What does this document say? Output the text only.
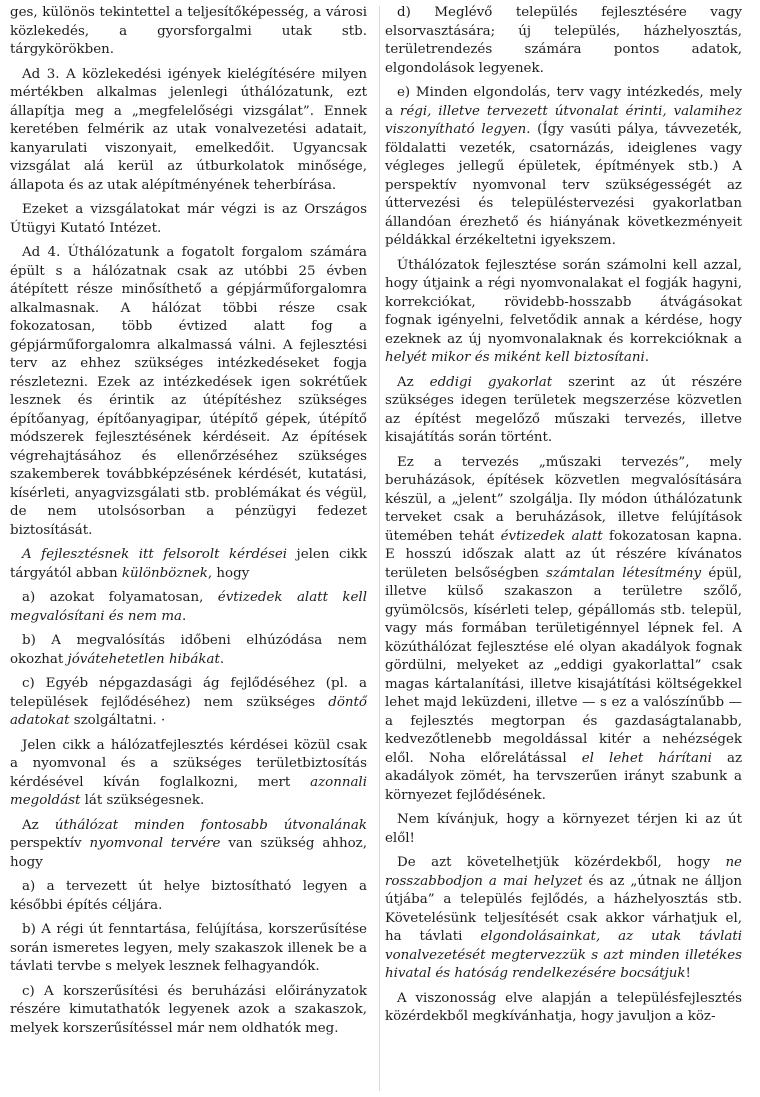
ges, különös tekintettel a teljesítőképesség, a városi közlekedés, a gyorsforgalmi utak stb. tárgykörökben.

Ad 3. A közlekedési igények kielégítésére milyen mértékben alkalmas jelenlegi úthálózatunk, ezt állapítja meg a „megfelelőségi vizsgálat”. Ennek keretében felmérik az utak vonalvezetési adatait, kanyarulati viszonyait, emelkedőit. Ugyancsak vizsgálat alá kerül az útburkolatok minősége, állapota és az utak alépítményének teherbírása.

Ezeket a vizsgálatokat már végzi is az Országos Útügyi Kutató Intézet.

Ad 4. Úthálózatunk a fogatolt forgalom számára épült s a hálózatnak csak az utóbbi 25 évben átépített része minősíthető a gépjárműforgalomra alkalmasnak. A hálózat többi része csak fokozatosan, több évtized alatt fog a gépjárműforgalomra alkalmassá válni. A fejlesztési terv az ehhez szükséges intézkedéseket fogja részletezni. Ezek az intézkedések igen sokrétűek lesznek és érintik az útépítéshez szükséges építőanyag, építőanyagipar, útépítő gépek, útépítő módszerek fejlesztésének kérdéseit. Az építések végrehajtásához és ellenőrzéséhez szükséges szakemberek továbbképzésének kérdését, kutatási, kísérleti, anyagvizsgálati stb. problémákat és végül, de nem utolsósorban a pénzügyi fedezet biztosítását.

A fejlesztésnek itt felsorolt kérdései jelen cikk tárgyától abban különböznek, hogy

a) azokat folyamatosan, évtizedek alatt kell megvalósítani és nem ma.

b) A megvalósítás időbeni elhúzódása nem okozhat jóvátehetetlen hibákat.

c) Egyéb népgazdasági ág fejlődéséhez (pl. a települések fejlődéséhez) nem szükséges döntő adatokat szolgáltatni. ·

Jelen cikk a hálózatfejlesztés kérdései közül csak a nyomvonal és a szükséges területbiztosítás kérdésével kíván foglalkozni, mert azonnali megoldást lát szükségesnek.

Az úthálózat minden fontosabb útvonalának perspektív nyomvonal tervére van szükség ahhoz, hogy

a) a tervezett út helye biztosítható legyen a későbbi építés céljára.

b) A régi út fenntartása, felújítása, korszerűsítése során ismeretes legyen, mely szakaszok illenek be a távlati tervbe s melyek lesznek felhagyandók.

c) A korszerűsítési és beruházási előirányzatok részére kimutathatók legyenek azok a szakaszok, melyek korszerűsítéssel már nem oldhatók meg.

d) Meglévő település fejlesztésére vagy elsorvasztására; új település, házhelyosztás, területrendezés számára pontos adatok, elgondolások legyenek.

e) Minden elgondolás, terv vagy intézkedés, mely a régi, illetve tervezett útvonalat érinti, valamihez viszonyítható legyen. (Így vasúti pálya, távvezeték, földalatti vezeték, csatornázás, ideiglenes vagy végleges jellegű épületek, építmények stb.) A perspektív nyomvonal terv szükségességét az úttervezési és településtervezési gyakorlatban állandóan érezhető és hiányának következményeit példákkal érzékeltetni igyekszem.

Úthálózatok fejlesztése során számolni kell azzal, hogy útjaink a régi nyomvonalakat el fogják hagyni, korrekciókat, rövidebb-hosszabb átvágásokat fognak igényelni, felvetődik annak a kérdése, hogy ezeknek az új nyomvonalaknak és korrekcióknak a helyét mikor és miként kell biztosítani.

Az eddigi gyakorlat szerint az út részére szükséges idegen területek megszerzése közvetlen az építést megelőző műszaki tervezés, illetve kisajátítás során történt.

Ez a tervezés „műszaki tervezés”, mely beruházások, építések közvetlen megvalósítására készül, a „jelent” szolgálja. Ily módon úthálózatunk terveket csak a beruházások, illetve felújítások ütemében tehát évtizedek alatt fokozatosan kapna. E hosszú időszak alatt az út részére kívánatos területen belsőségben számtalan létesítmény épül, illetve külső szakaszon a területre szőlő, gyümölcsös, kísérleti telep, gépállomás stb. települ, vagy más formában területigénnyel lépnek fel. A közúthálózat fejlesztése elé olyan akadályok fognak gördülni, melyeket az „eddigi gyakorlattal” csak magas kártalanítási, illetve kisajátítási költségekkel lehet majd leküzdeni, illetve — s ez a valószínűbb — a fejlesztés megtorpan és gazdaságtalanabb, kedvezőtlenebb megoldással kitér a nehézségek elől. Noha előrelátással el lehet hárítani az akadályok zömét, ha tervszerűen irányt szabunk a környezet fejlődésének.

Nem kívánjuk, hogy a környezet térjen ki az út elől!

De azt követelhetjük közérdekből, hogy ne rosszabbodjon a mai helyzet és az „útnak ne álljon útjába” a település fejlődés, a házhelyosztás stb. Követelésünk teljesítését csak akkor várhatjuk el, ha távlati elgondolásainkat, az utak távlati vonalvezetését megtervezzük s azt minden illetékes hivatal és hatóság rendelkezésére bocsátjuk!

A viszonosság elve alapján a településfejlesztés közérdekből megkívánhatja, hogy javuljon a köz-
